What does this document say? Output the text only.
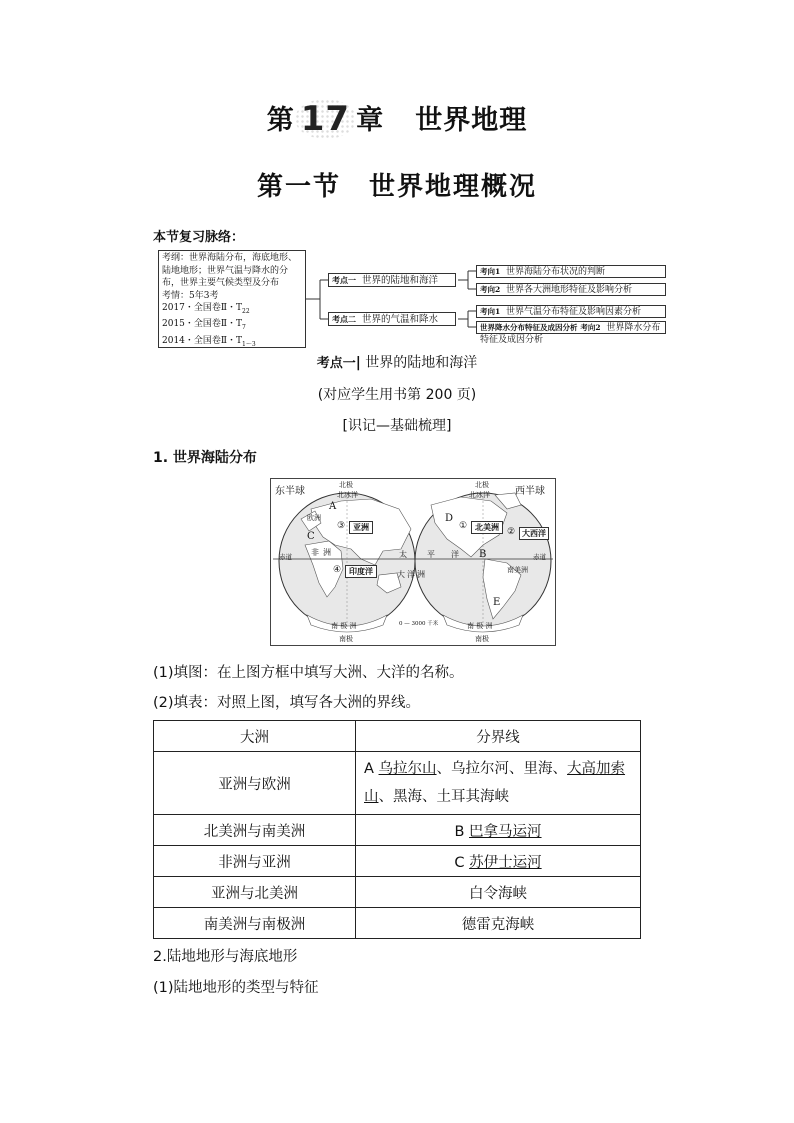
第 17 章 世界地理
第一节　世界地理概况
本节复习脉络：
考纲：世界海陆分布，海底地形、
陆地地形；世界气温与降水的分
布，世界主要气候类型及分布
考情：5年3考
2017・全国卷Ⅱ・$T_{22}$
2015・全国卷Ⅱ・$T_7$
2014・全国卷Ⅱ・$T_{1\sim 3}$
考点一 世界的陆地和海洋
考点二 世界的气温和降水
考向1 世界海陆分布状况的判断
考向2 世界各大洲地形特征及影响分析
考向1 世界气温分布特征及影响因素分析
世界降水分布特征及成因分析 考向2 世界降水分布特征及成因分析
考点一| 世界的陆地和海洋
(对应学生用书第 200 页)
[识记—基础梳理]
1. 世界海陆分布
东半球	西半球
北极	北极
北冰洋	北冰洋
赤道	赤道
南 极 洲	南 极 洲
南极	南极
A
C
D
B
E
欧洲
非 洲	太	平 洋
大 洋 洲	南美洲
③ 亚洲
④ 印度洋
① 北美洲 ② 大西洋
0 — 3000 千米
(1)填图：在上图方框中填写大洲、大洋的名称。
(2)填表：对照上图，填写各大洲的界线。
大洲	分界线
亚洲与欧洲	A 乌拉尔山、乌拉尔河、里海、大高加索山、黑海、土耳其海峡
北美洲与南美洲	B 巴拿马运河
非洲与亚洲	C 苏伊士运河
亚洲与北美洲	白令海峡
南美洲与南极洲	德雷克海峡
2.陆地地形与海底地形
(1)陆地地形的类型与特征
